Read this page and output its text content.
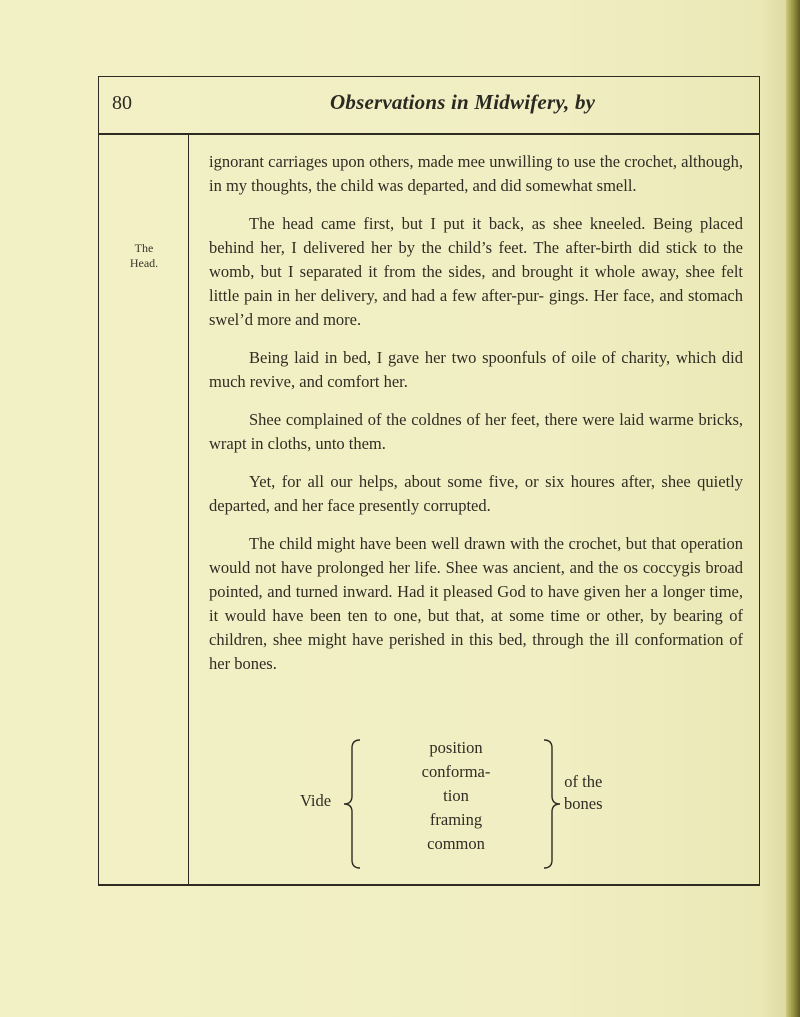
80	Observations in Midwifery, by
The
Head.

ignorant carriages upon others, made mee unwilling to use the crochet, although, in my thoughts, the child was departed, and did somewhat smell.

The head came first, but I put it back, as shee kneeled. Being placed behind her, I delivered her by the child’s feet. The after-birth did stick to the womb, but I separated it from the sides, and brought it whole away, shee felt little pain in her delivery, and had a few after-pur- gings. Her face, and stomach swel’d more and more.

Being laid in bed, I gave her two spoonfuls of oile of charity, which did much revive, and comfort her.

Shee complained of the coldnes of her feet, there were laid warme bricks, wrapt in cloths, unto them.

Yet, for all our helps, about some five, or six houres after, shee quietly departed, and her face presently corrupted.

The child might have been well drawn with the crochet, but that operation would not have prolonged her life. Shee was ancient, and the os coccygis broad pointed, and turned inward. Had it pleased God to have given her a longer time, it would have been ten to one, but that, at some time or other, by bearing of children, shee might have perished in this bed, through the ill conformation of her bones.

Vide
position
conforma-
tion
framing
common
of the
bones
